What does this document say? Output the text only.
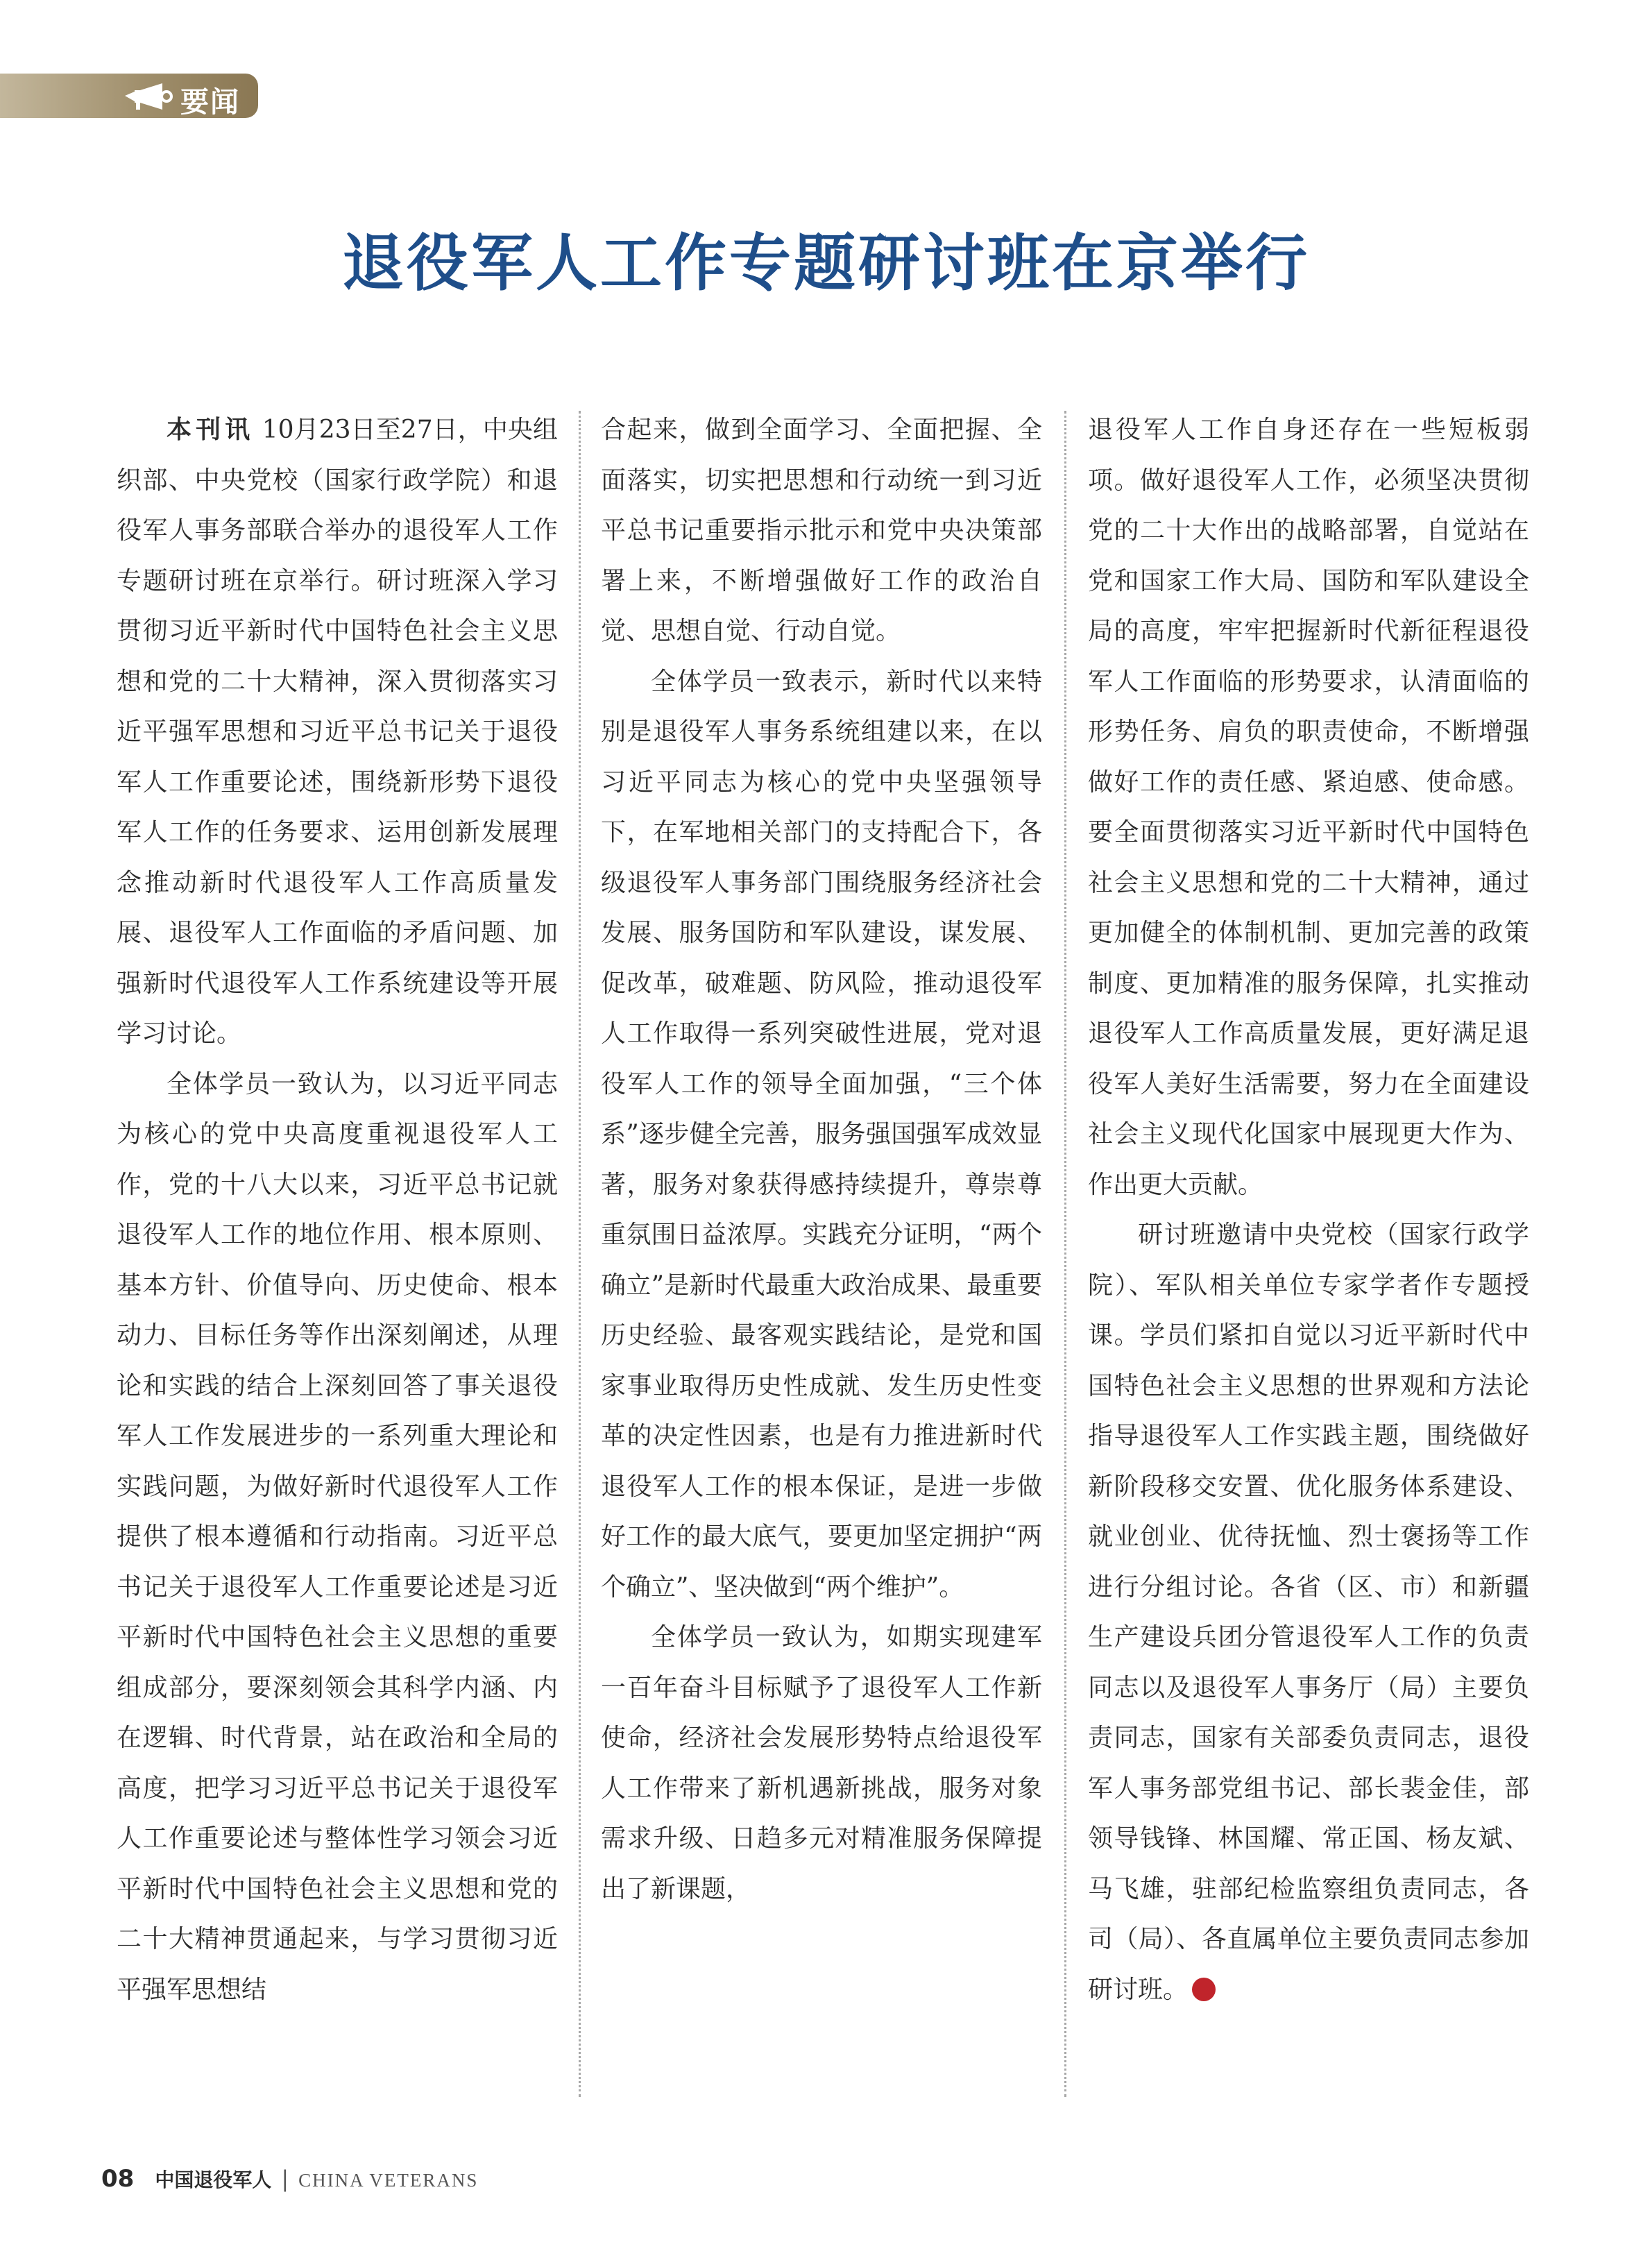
要闻
退役军人工作专题研讨班在京举行

本刊讯 10月23日至27日，中央组织部、中央党校（国家行政学院）和退役军人事务部联合举办的退役军人工作专题研讨班在京举行。研讨班深入学习贯彻习近平新时代中国特色社会主义思想和党的二十大精神，深入贯彻落实习近平强军思想和习近平总书记关于退役军人工作重要论述，围绕新形势下退役军人工作的任务要求、运用创新发展理念推动新时代退役军人工作高质量发展、退役军人工作面临的矛盾问题、加强新时代退役军人工作系统建设等开展学习讨论。

全体学员一致认为，以习近平同志为核心的党中央高度重视退役军人工作，党的十八大以来，习近平总书记就退役军人工作的地位作用、根本原则、基本方针、价值导向、历史使命、根本动力、目标任务等作出深刻阐述，从理论和实践的结合上深刻回答了事关退役军人工作发展进步的一系列重大理论和实践问题，为做好新时代退役军人工作提供了根本遵循和行动指南。习近平总书记关于退役军人工作重要论述是习近平新时代中国特色社会主义思想的重要组成部分，要深刻领会其科学内涵、内在逻辑、时代背景，站在政治和全局的高度，把学习习近平总书记关于退役军人工作重要论述与整体性学习领会习近平新时代中国特色社会主义思想和党的二十大精神贯通起来，与学习贯彻习近平强军思想结

合起来，做到全面学习、全面把握、全面落实，切实把思想和行动统一到习近平总书记重要指示批示和党中央决策部署上来，不断增强做好工作的政治自觉、思想自觉、行动自觉。

全体学员一致表示，新时代以来特别是退役军人事务系统组建以来，在以习近平同志为核心的党中央坚强领导下，在军地相关部门的支持配合下，各级退役军人事务部门围绕服务经济社会发展、服务国防和军队建设，谋发展、促改革，破难题、防风险，推动退役军人工作取得一系列突破性进展，党对退役军人工作的领导全面加强，“三个体系”逐步健全完善，服务强国强军成效显著，服务对象获得感持续提升，尊崇尊重氛围日益浓厚。实践充分证明，“两个确立”是新时代最重大政治成果、最重要历史经验、最客观实践结论，是党和国家事业取得历史性成就、发生历史性变革的决定性因素，也是有力推进新时代退役军人工作的根本保证，是进一步做好工作的最大底气，要更加坚定拥护“两个确立”、坚决做到“两个维护”。

全体学员一致认为，如期实现建军一百年奋斗目标赋予了退役军人工作新使命，经济社会发展形势特点给退役军人工作带来了新机遇新挑战，服务对象需求升级、日趋多元对精准服务保障提出了新课题，

退役军人工作自身还存在一些短板弱项。做好退役军人工作，必须坚决贯彻党的二十大作出的战略部署，自觉站在党和国家工作大局、国防和军队建设全局的高度，牢牢把握新时代新征程退役军人工作面临的形势要求，认清面临的形势任务、肩负的职责使命，不断增强做好工作的责任感、紧迫感、使命感。要全面贯彻落实习近平新时代中国特色社会主义思想和党的二十大精神，通过更加健全的体制机制、更加完善的政策制度、更加精准的服务保障，扎实推动退役军人工作高质量发展，更好满足退役军人美好生活需要，努力在全面建设社会主义现代化国家中展现更大作为、作出更大贡献。

研讨班邀请中央党校（国家行政学院）、军队相关单位专家学者作专题授课。学员们紧扣自觉以习近平新时代中国特色社会主义思想的世界观和方法论指导退役军人工作实践主题，围绕做好新阶段移交安置、优化服务体系建设、就业创业、优待抚恤、烈士褒扬等工作进行分组讨论。各省（区、市）和新疆生产建设兵团分管退役军人工作的负责同志以及退役军人事务厅（局）主要负责同志，国家有关部委负责同志，退役军人事务部党组书记、部长裴金佳，部领导钱锋、林国耀、常正国、杨友斌、马飞雄，驻部纪检监察组负责同志，各司（局）、各直属单位主要负责同志参加研讨班。	V

08 中国退役军人 | CHINA VETERANS
